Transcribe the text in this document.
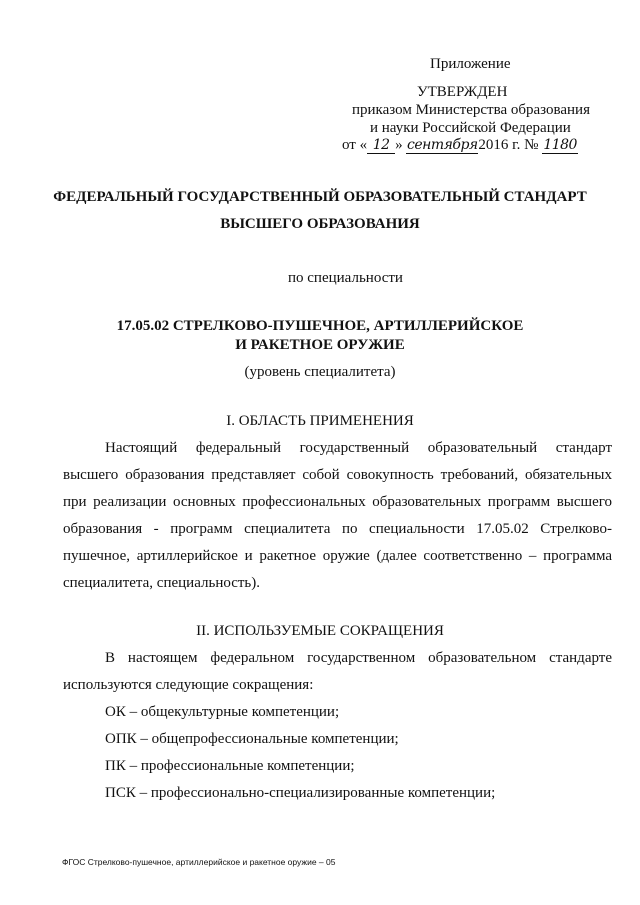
Приложение
УТВЕРЖДЕН
приказом Министерства образования
и науки Российской Федерации
от « 12 » сентября2016 г. № 1180
ФЕДЕРАЛЬНЫЙ ГОСУДАРСТВЕННЫЙ ОБРАЗОВАТЕЛЬНЫЙ СТАНДАРТ
ВЫСШЕГО ОБРАЗОВАНИЯ
по специальности
17.05.02 СТРЕЛКОВО-ПУШЕЧНОЕ, АРТИЛЛЕРИЙСКОЕ
И РАКЕТНОЕ ОРУЖИЕ
(уровень специалитета)
I. ОБЛАСТЬ ПРИМЕНЕНИЯ
Настоящий федеральный государственный образовательный стандарт
высшего образования представляет собой совокупность требований, обязательных
при реализации основных профессиональных образовательных программ высшего
образования - программ специалитета по специальности 17.05.02 Стрелково-
пушечное, артиллерийское и ракетное оружие (далее соответственно – программа
специалитета, специальность).
II. ИСПОЛЬЗУЕМЫЕ СОКРАЩЕНИЯ
В настоящем федеральном государственном образовательном стандарте
используются следующие сокращения:
ОК – общекультурные компетенции;
ОПК – общепрофессиональные компетенции;
ПК – профессиональные компетенции;
ПСК – профессионально-специализированные компетенции;
ФГОС Стрелково-пушечное, артиллерийское и ракетное оружие – 05
